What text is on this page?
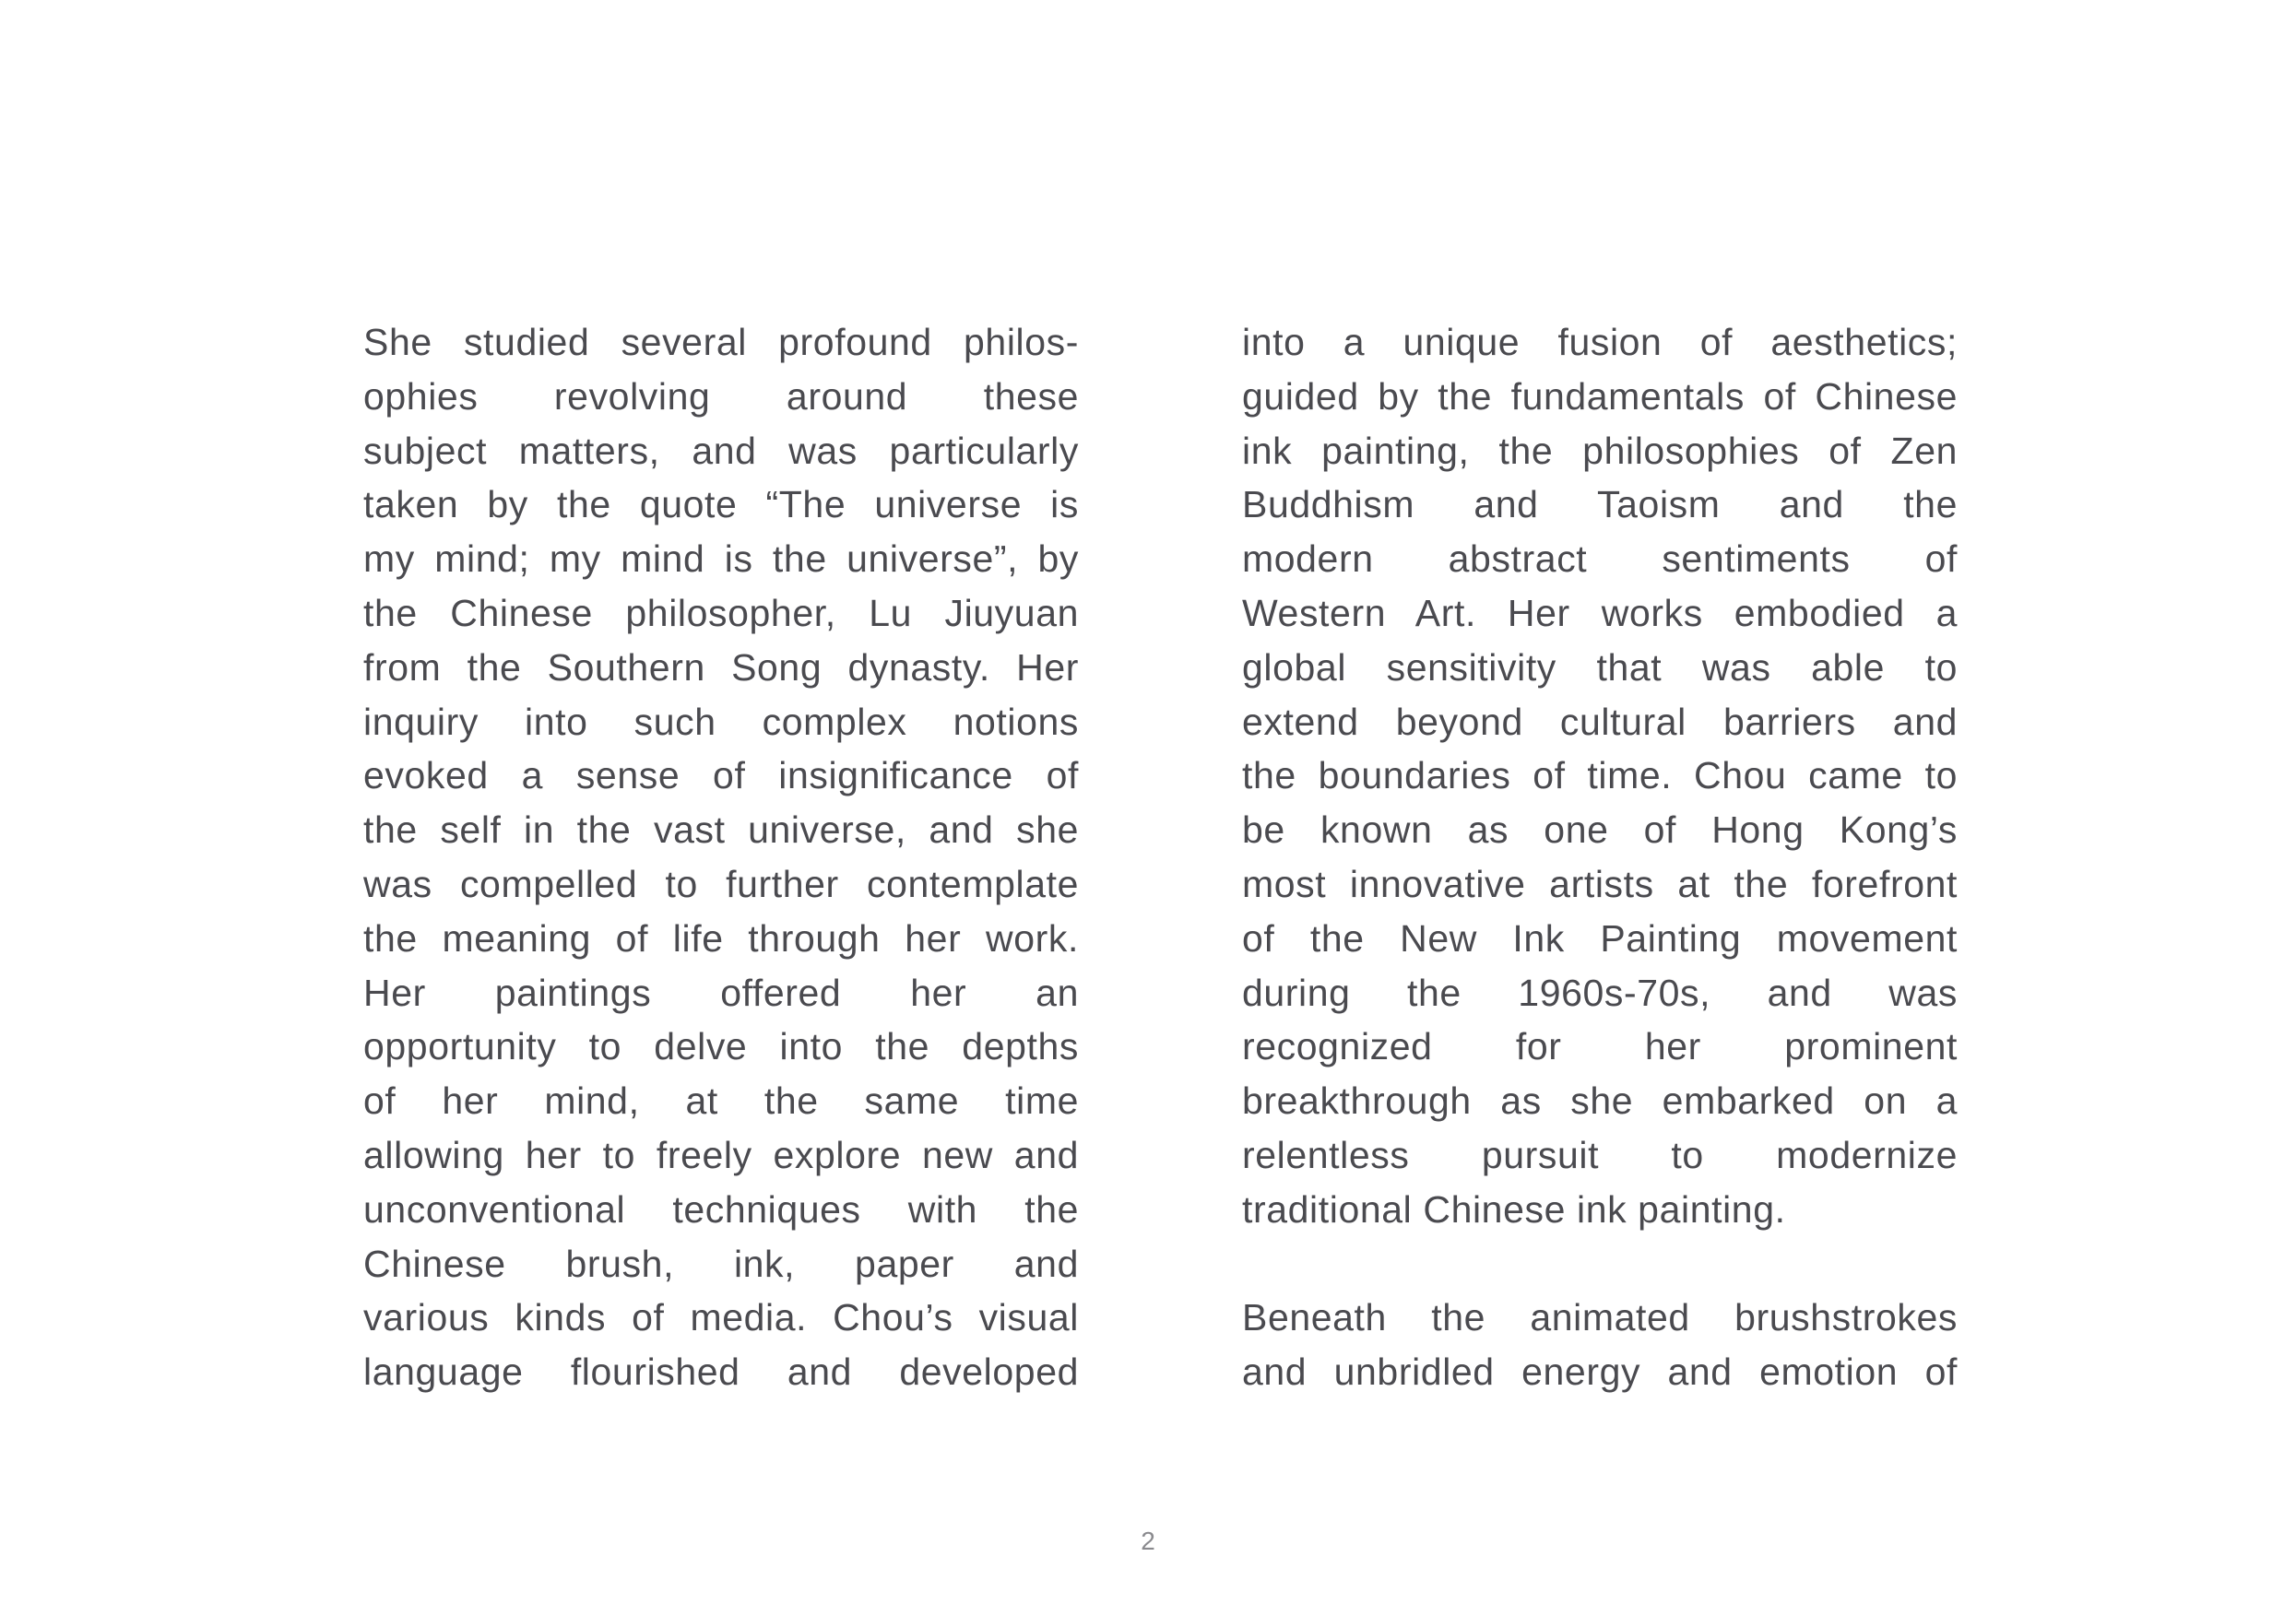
She studied several profound philos-
ophies revolving around these
subject matters, and was particularly
taken by the quote “The universe is
my mind; my mind is the universe”, by
the Chinese philosopher, Lu Jiuyuan
from the Southern Song dynasty. Her
inquiry into such complex notions
evoked a sense of insignificance of
the self in the vast universe, and she
was compelled to further contemplate
the meaning of life through her work.
Her paintings offered her an
opportunity to delve into the depths
of her mind, at the same time
allowing her to freely explore new and
unconventional techniques with the
Chinese brush, ink, paper and
various kinds of media. Chou’s visual
language flourished and developed
into a unique fusion of aesthetics;
guided by the fundamentals of Chinese
ink painting, the philosophies of Zen
Buddhism and Taoism and the
modern abstract sentiments of
Western Art. Her works embodied a
global sensitivity that was able to
extend beyond cultural barriers and
the boundaries of time. Chou came to
be known as one of Hong Kong’s
most innovative artists at the forefront
of the New Ink Painting movement
during the 1960s-70s, and was
recognized for her prominent
breakthrough as she embarked on a
relentless pursuit to modernize
traditional Chinese ink painting.
Beneath the animated brushstrokes
and unbridled energy and emotion of
2
